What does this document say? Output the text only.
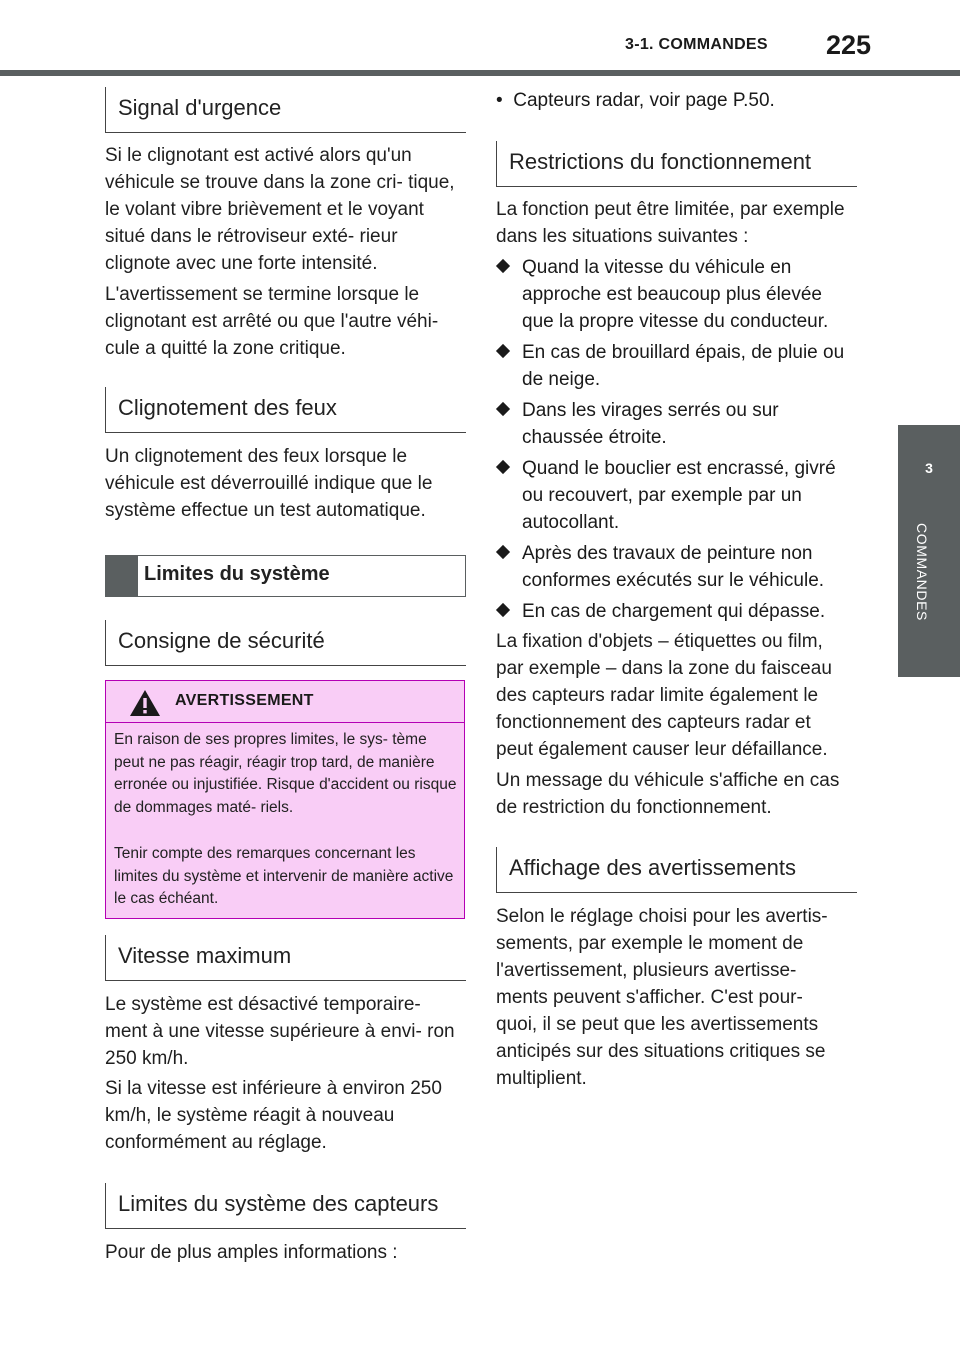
3-1. COMMANDES 225
3
COMMANDES
Signal d'urgence

Si le clignotant est activé alors qu'un véhicule se trouve dans la zone cri- tique, le volant vibre brièvement et le voyant situé dans le rétroviseur exté- rieur clignote avec une forte intensité.

L'avertissement se termine lorsque le clignotant est arrêté ou que l'autre véhi- cule a quitté la zone critique.

Clignotement des feux

Un clignotement des feux lorsque le véhicule est déverrouillé indique que le système effectue un test automatique.

Limites du système
Consigne de sécurité
AVERTISSEMENT

En raison de ses propres limites, le sys- tème peut ne pas réagir, réagir trop tard, de manière erronée ou injustifiée. Risque d'accident ou risque de dommages maté- riels.

Tenir compte des remarques concernant les limites du système et intervenir de manière active le cas échéant.

Vitesse maximum

Le système est désactivé temporaire- ment à une vitesse supérieure à envi- ron 250 km/h.

Si la vitesse est inférieure à environ 250 km/h, le système réagit à nouveau conformément au réglage.

Limites du système des capteurs

Pour de plus amples informations :

•  Capteurs radar, voir page P.50.
Restrictions du fonctionnement

La fonction peut être limitée, par exemple dans les situations suivantes :

Quand la vitesse du véhicule en approche est beaucoup plus élevée que la propre vitesse du conducteur.
En cas de brouillard épais, de pluie ou de neige.
Dans les virages serrés ou sur chaussée étroite.
Quand le bouclier est encrassé, givré ou recouvert, par exemple par un autocollant.
Après des travaux de peinture non conformes exécutés sur le véhicule.
En cas de chargement qui dépasse.

La fixation d'objets – étiquettes ou film, par exemple – dans la zone du faisceau des capteurs radar limite également le fonctionnement des capteurs radar et peut également causer leur défaillance.

Un message du véhicule s'affiche en cas de restriction du fonctionnement.

Affichage des avertissements

Selon le réglage choisi pour les avertis- sements, par exemple le moment de l'avertissement, plusieurs avertisse- ments peuvent s'afficher. C'est pour- quoi, il se peut que les avertissements anticipés sur des situations critiques se multiplient.
